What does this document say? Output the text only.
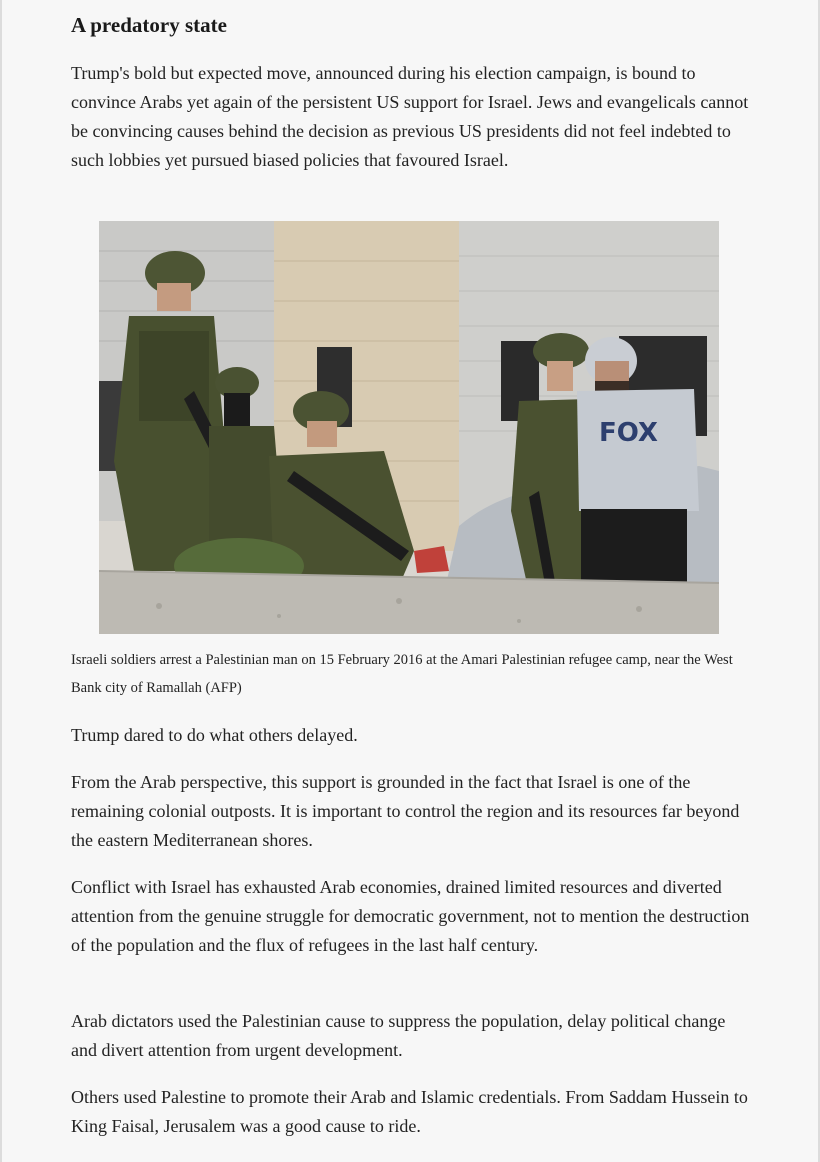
A predatory state

Trump's bold but expected move, announced during his election campaign, is bound to convince Arabs yet again of the persistent US support for Israel. Jews and evangelicals cannot be convincing causes behind the decision as previous US presidents did not feel indebted to such lobbies yet pursued biased policies that favoured Israel.

FOX
Israeli soldiers arrest a Palestinian man on 15 February 2016 at the Amari Palestinian refugee camp, near the West Bank city of Ramallah (AFP)

Trump dared to do what others delayed.

From the Arab perspective, this support is grounded in the fact that Israel is one of the remaining colonial outposts. It is important to control the region and its resources far beyond the eastern Mediterranean shores.

Conflict with Israel has exhausted Arab economies, drained limited resources and diverted attention from the genuine struggle for democratic government, not to mention the destruction of the population and the flux of refugees in the last half century.

Arab dictators used the Palestinian cause to suppress the population, delay political change and divert attention from urgent development.

Others used Palestine to promote their Arab and Islamic credentials. From Saddam Hussein to King Faisal, Jerusalem was a good cause to ride.
